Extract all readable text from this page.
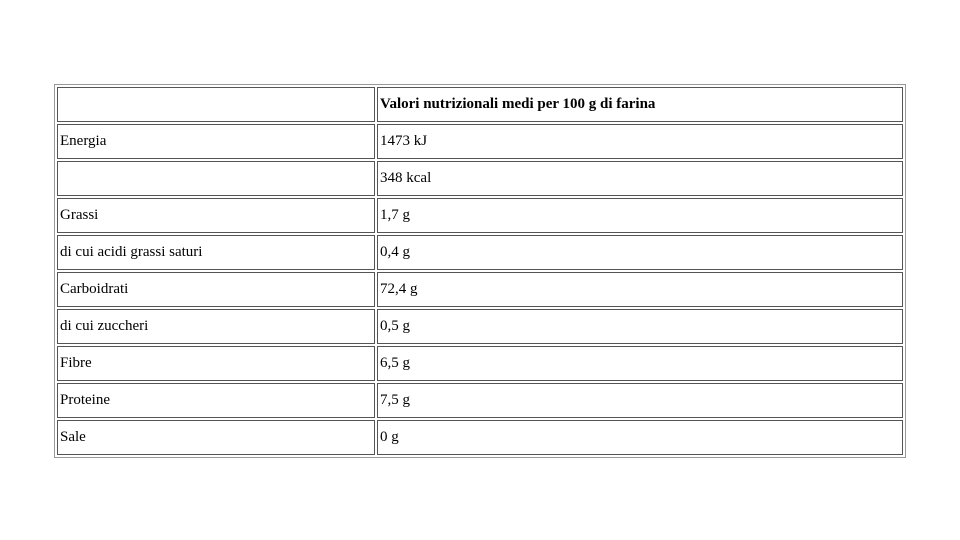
	Valori nutrizionali medi per 100 g di farina
Energia	1473 kJ
	348 kcal
Grassi	1,7 g
di cui acidi grassi saturi	0,4 g
Carboidrati	72,4 g
di cui zuccheri	0,5 g
Fibre	6,5 g
Proteine	7,5 g
Sale	0 g
